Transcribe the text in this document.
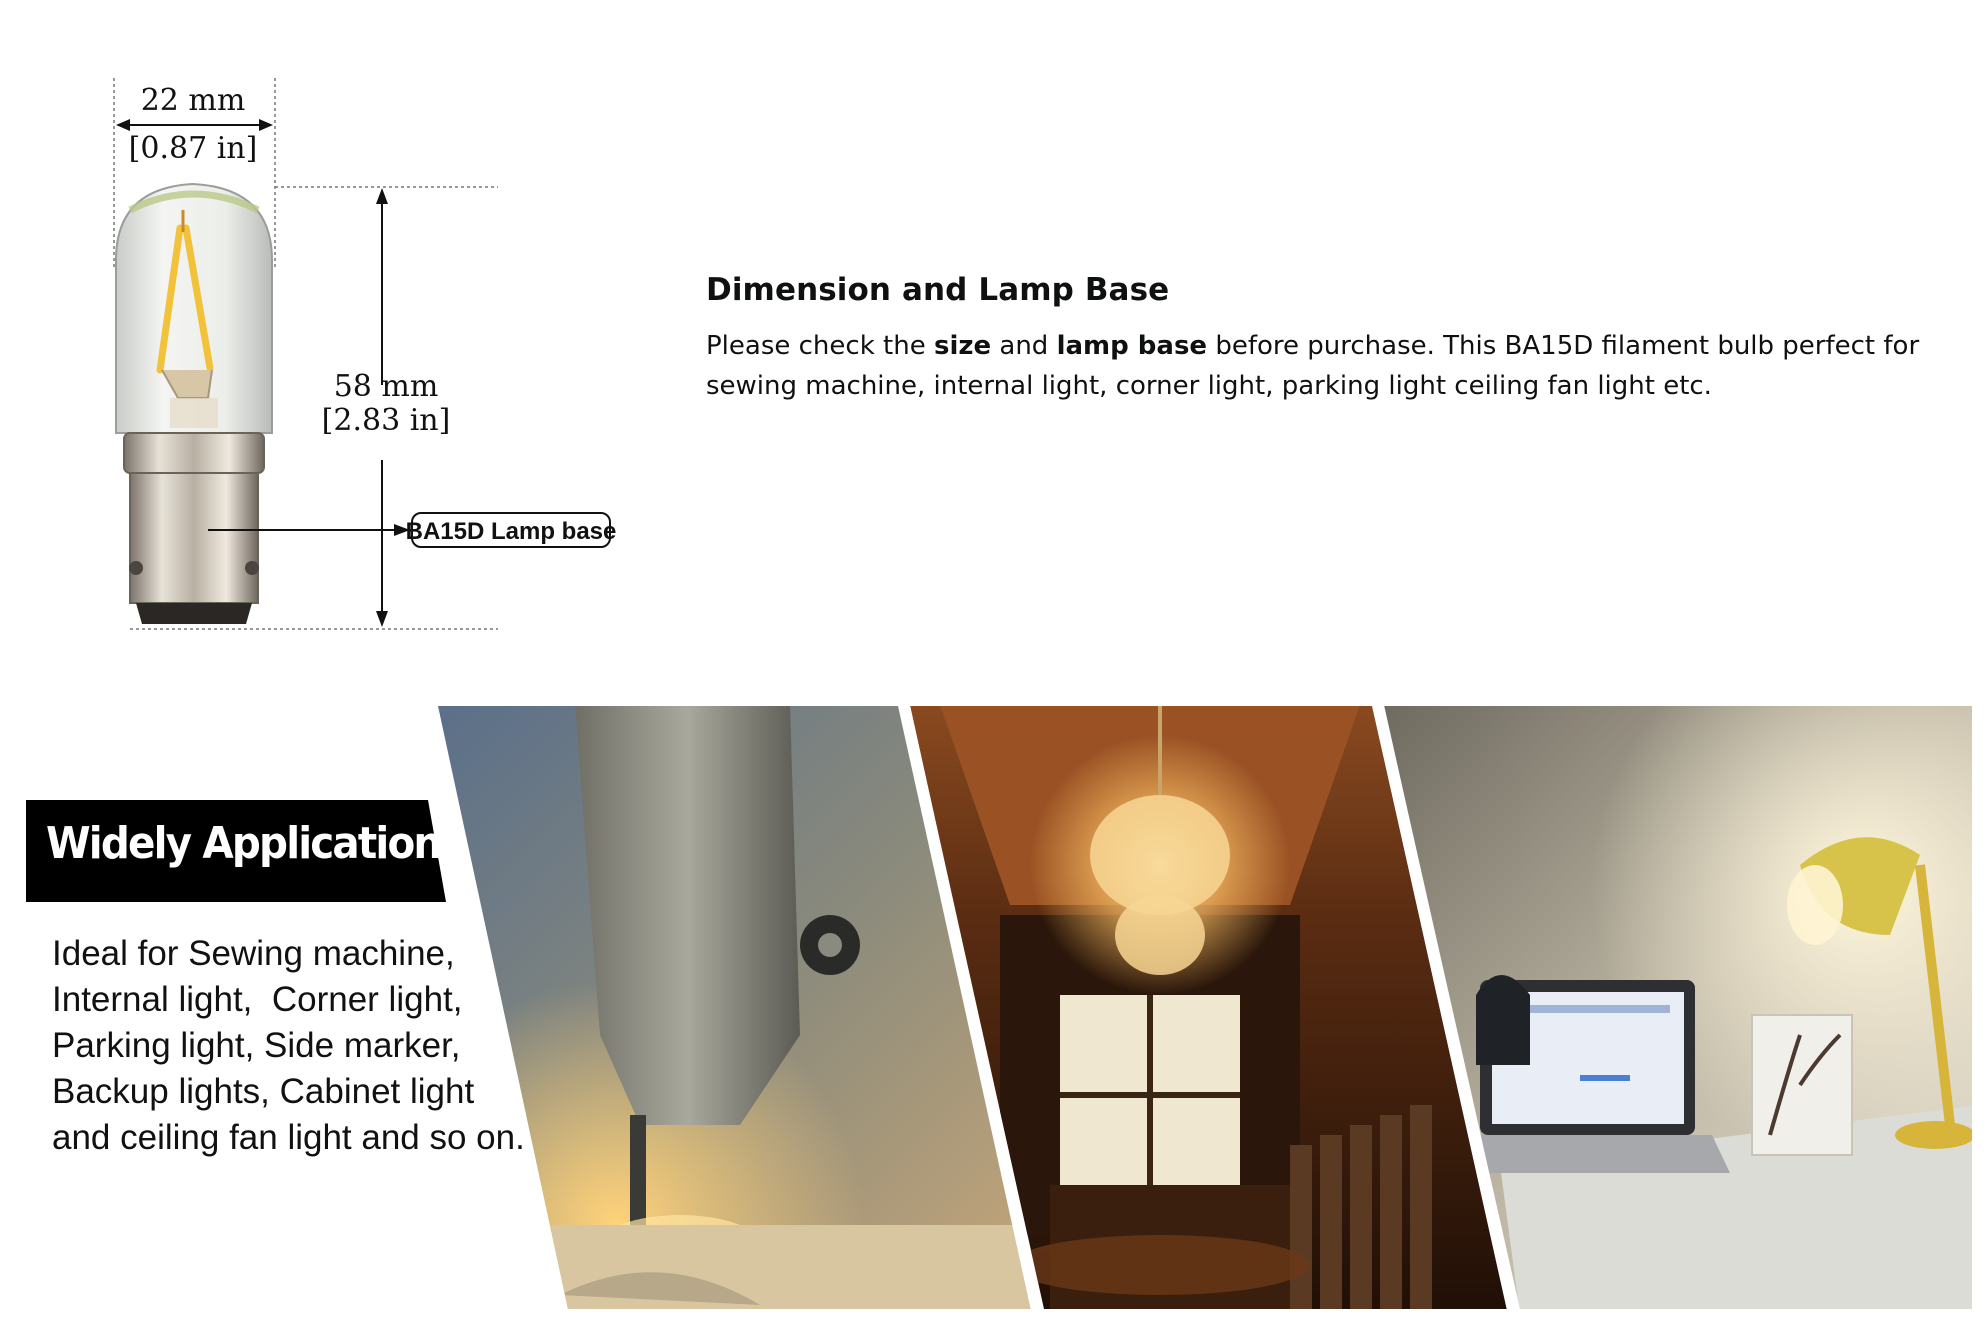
22 mm
[0.87 in]
58 mm
[2.83 in]
BA15D Lamp base
Dimension and Lamp Base

Please check the size and lamp base before purchase. This BA15D filament bulb perfect for sewing machine, internal light, corner light, parking light ceiling fan light etc.

Widely Application
Ideal for Sewing machine,
Internal light,  Corner light,
Parking light, Side marker,
Backup lights, Cabinet light
and ceiling fan light and so on.
